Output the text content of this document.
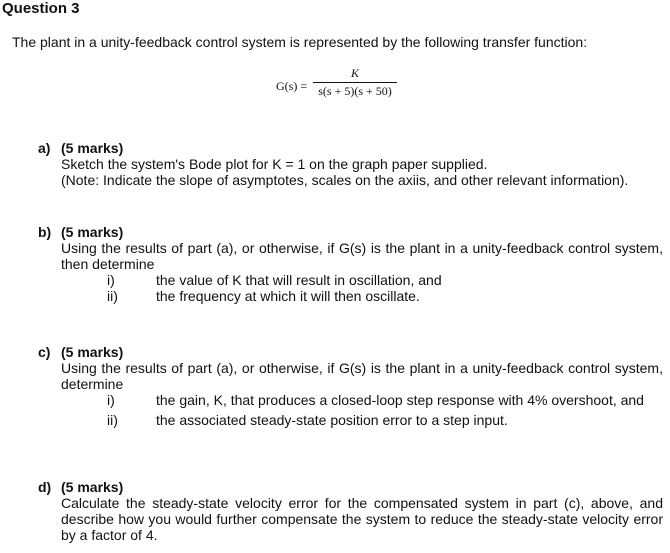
Question 3
The plant in a unity-feedback control system is represented by the following transfer function:
G(s) =
K
s(s + 5)(s + 50)
a) (5 marks)
Sketch the system's Bode plot for K = 1 on the graph paper supplied.
(Note: Indicate the slope of asymptotes, scales on the axiis, and other relevant information).
b) (5 marks)
Using the results of part (a), or otherwise, if G(s) is the plant in a unity-feedback control system, then determine
i)	the value of K that will result in oscillation, and
ii)	the frequency at which it will then oscillate.
c) (5 marks)
Using the results of part (a), or otherwise, if G(s) is the plant in a unity-feedback control system, determine
i)	the gain, K, that produces a closed-loop step response with 4% overshoot, and
ii)	the associated steady-state position error to a step input.
d) (5 marks)
Calculate the steady-state velocity error for the compensated system in part (c), above, and describe how you would further compensate the system to reduce the steady-state velocity error by a factor of 4.
